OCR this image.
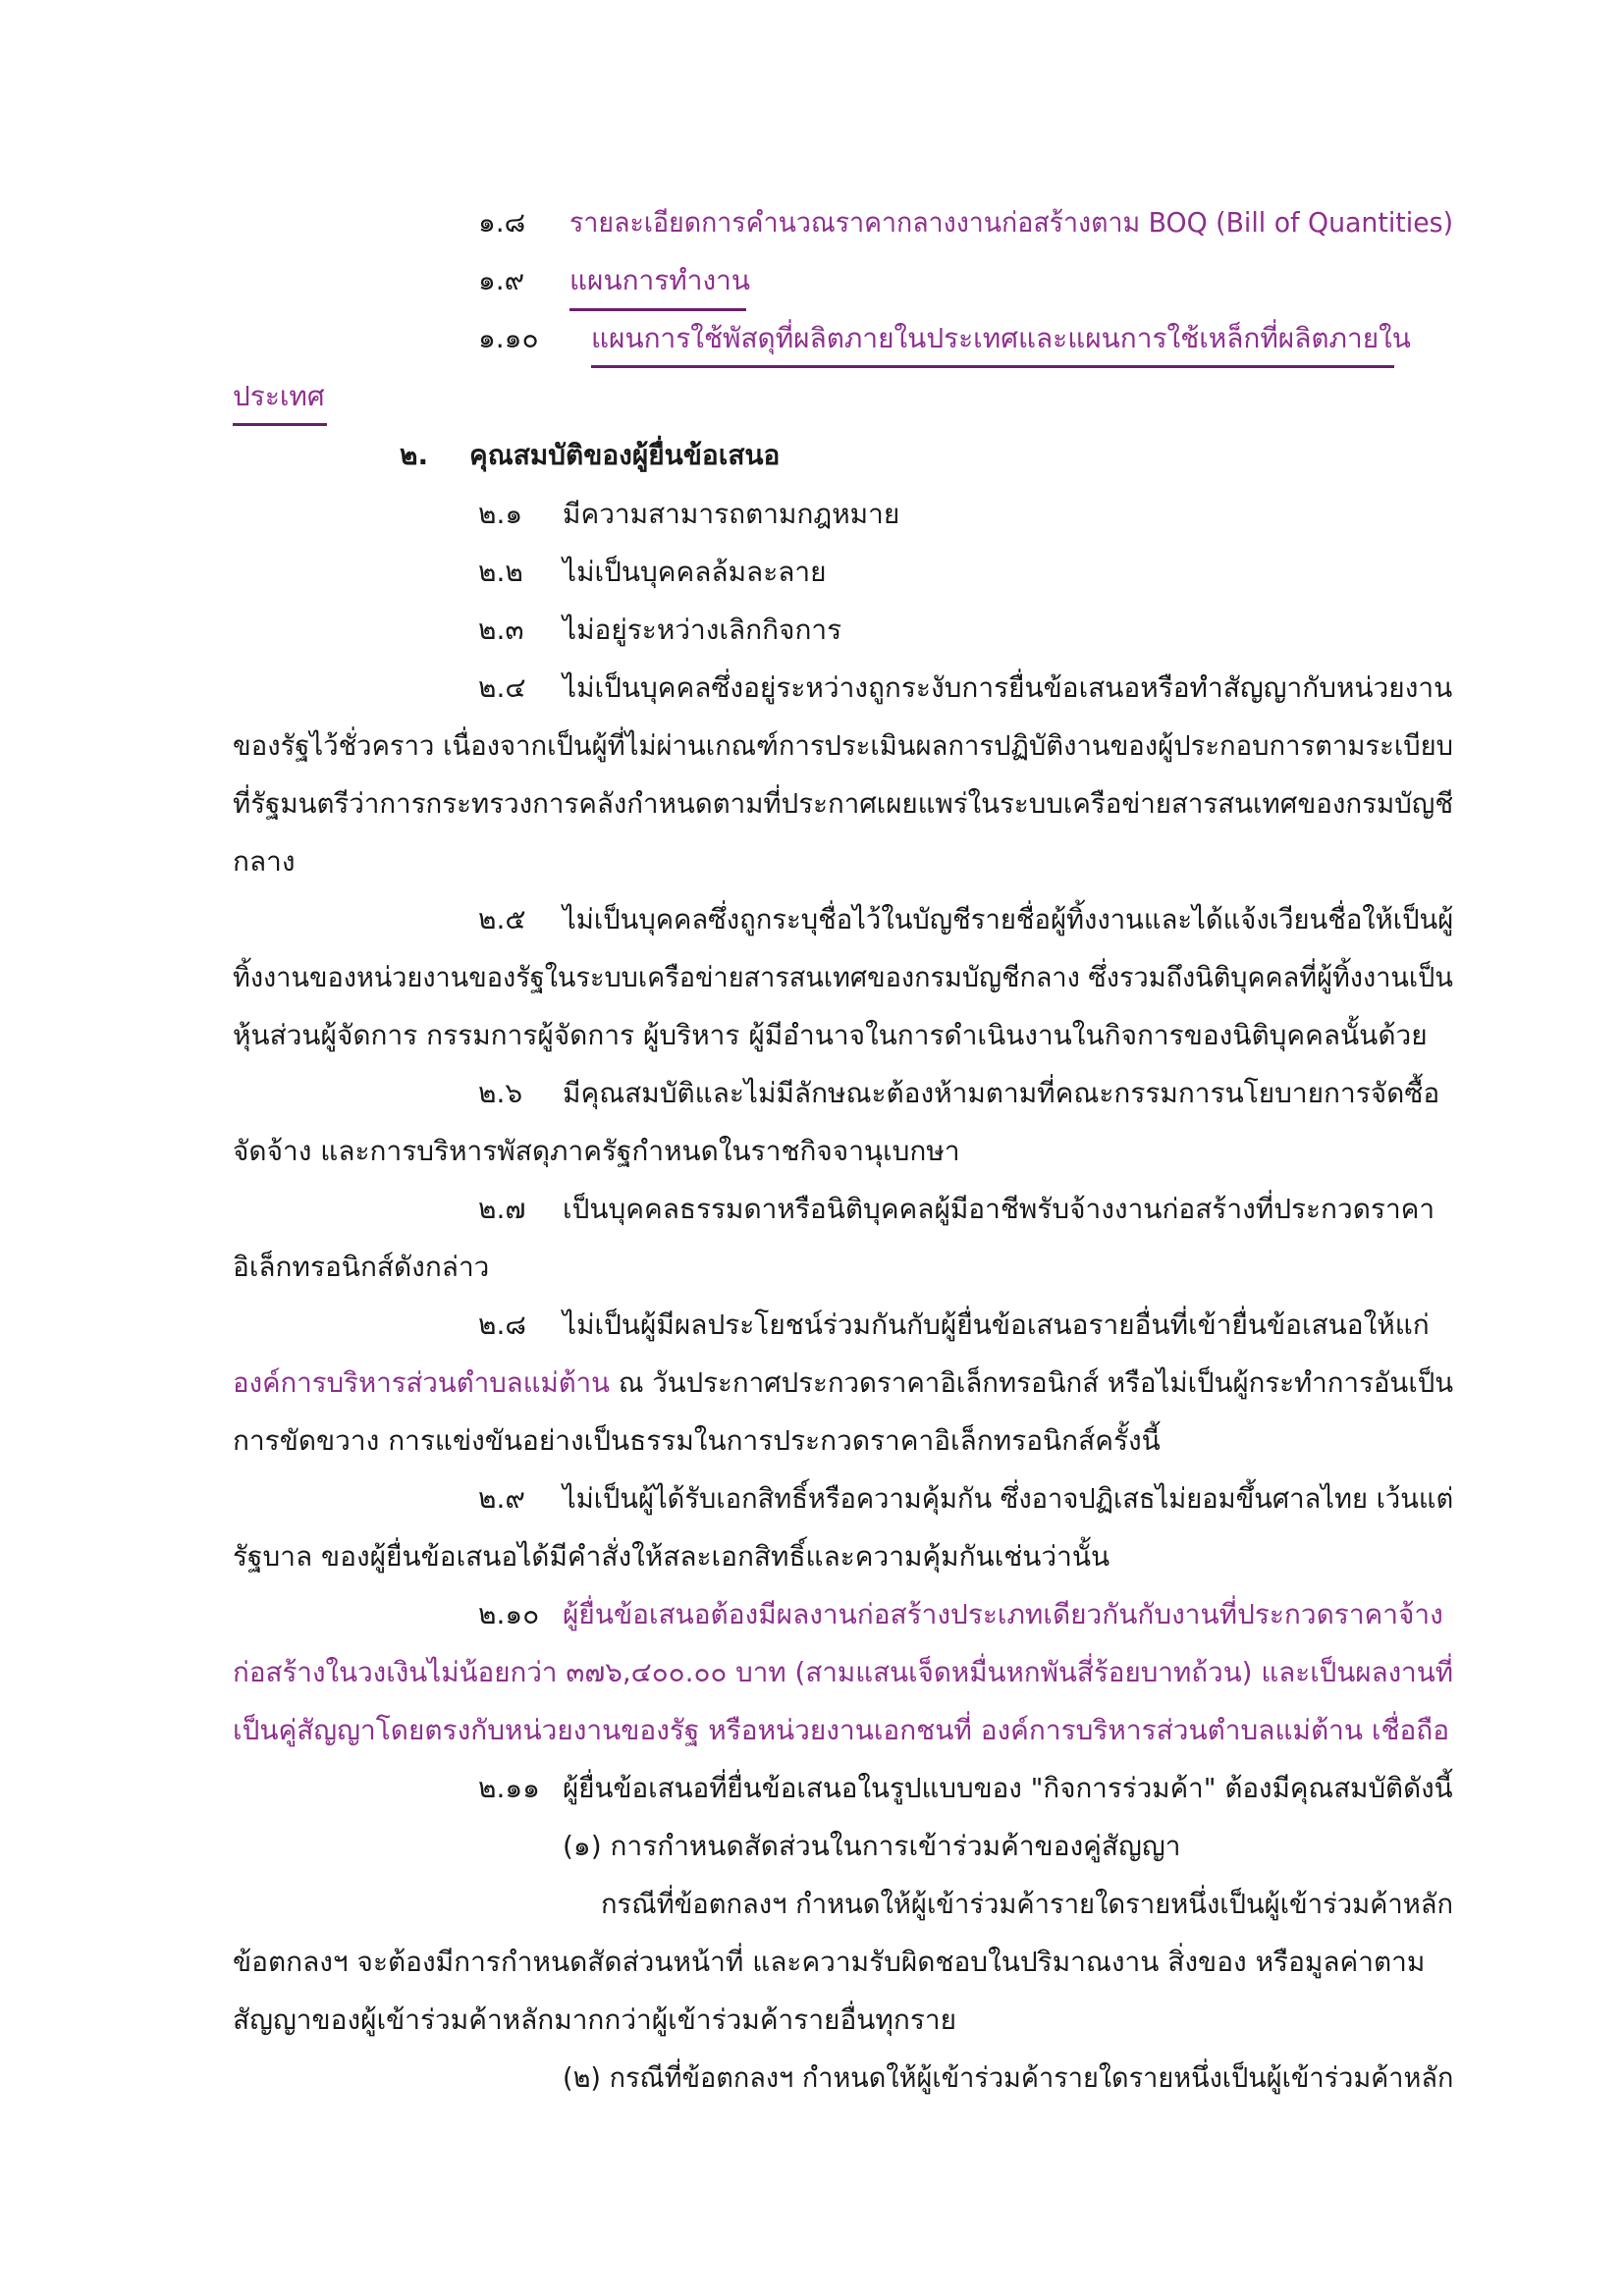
๑.๘ รายละเอียดการคำนวณราคากลางงานก่อสร้างตาม BOQ (Bill of Quantities)
๑.๙ แผนการทำงาน
๑.๑๐ แผนการใช้พัสดุที่ผลิตภายในประเทศและแผนการใช้เหล็กที่ผลิตภายใน
ประเทศ
๒. คุณสมบัติของผู้ยื่นข้อเสนอ
๒.๑ มีความสามารถตามกฎหมาย
๒.๒ ไม่เป็นบุคคลล้มละลาย
๒.๓ ไม่อยู่ระหว่างเลิกกิจการ
๒.๔ ไม่เป็นบุคคลซึ่งอยู่ระหว่างถูกระงับการยื่นข้อเสนอหรือทำสัญญากับหน่วยงาน
ของรัฐไว้ชั่วคราว เนื่องจากเป็นผู้ที่ไม่ผ่านเกณฑ์การประเมินผลการปฏิบัติงานของผู้ประกอบการตามระเบียบ
ที่รัฐมนตรีว่าการกระทรวงการคลังกำหนดตามที่ประกาศเผยแพร่ในระบบเครือข่ายสารสนเทศของกรมบัญชี
กลาง
๒.๕ ไม่เป็นบุคคลซึ่งถูกระบุชื่อไว้ในบัญชีรายชื่อผู้ทิ้งงานและได้แจ้งเวียนชื่อให้เป็นผู้
ทิ้งงานของหน่วยงานของรัฐในระบบเครือข่ายสารสนเทศของกรมบัญชีกลาง ซึ่งรวมถึงนิติบุคคลที่ผู้ทิ้งงานเป็น
หุ้นส่วนผู้จัดการ กรรมการผู้จัดการ ผู้บริหาร ผู้มีอำนาจในการดำเนินงานในกิจการของนิติบุคคลนั้นด้วย
๒.๖ มีคุณสมบัติและไม่มีลักษณะต้องห้ามตามที่คณะกรรมการนโยบายการจัดซื้อ
จัดจ้าง และการบริหารพัสดุภาครัฐกำหนดในราชกิจจานุเบกษา
๒.๗ เป็นบุคคลธรรมดาหรือนิติบุคคลผู้มีอาชีพรับจ้างงานก่อสร้างที่ประกวดราคา
อิเล็กทรอนิกส์ดังกล่าว
๒.๘ ไม่เป็นผู้มีผลประโยชน์ร่วมกันกับผู้ยื่นข้อเสนอรายอื่นที่เข้ายื่นข้อเสนอให้แก่
องค์การบริหารส่วนตำบลแม่ต้าน ณ วันประกาศประกวดราคาอิเล็กทรอนิกส์ หรือไม่เป็นผู้กระทำการอันเป็น
การขัดขวาง การแข่งขันอย่างเป็นธรรมในการประกวดราคาอิเล็กทรอนิกส์ครั้งนี้
๒.๙ ไม่เป็นผู้ได้รับเอกสิทธิ์หรือความคุ้มกัน ซึ่งอาจปฏิเสธไม่ยอมขึ้นศาลไทย เว้นแต่
รัฐบาล ของผู้ยื่นข้อเสนอได้มีคำสั่งให้สละเอกสิทธิ์และความคุ้มกันเช่นว่านั้น
๒.๑๐ ผู้ยื่นข้อเสนอต้องมีผลงานก่อสร้างประเภทเดียวกันกับงานที่ประกวดราคาจ้าง
ก่อสร้างในวงเงินไม่น้อยกว่า ๓๗๖,๔๐๐.๐๐ บาท (สามแสนเจ็ดหมื่นหกพันสี่ร้อยบาทถ้วน) และเป็นผลงานที่
เป็นคู่สัญญาโดยตรงกับหน่วยงานของรัฐ หรือหน่วยงานเอกชนที่ องค์การบริหารส่วนตำบลแม่ต้าน เชื่อถือ
๒.๑๑ ผู้ยื่นข้อเสนอที่ยื่นข้อเสนอในรูปแบบของ "กิจการร่วมค้า" ต้องมีคุณสมบัติดังนี้
(๑) การกำหนดสัดส่วนในการเข้าร่วมค้าของคู่สัญญา
กรณีที่ข้อตกลงฯ กำหนดให้ผู้เข้าร่วมค้ารายใดรายหนึ่งเป็นผู้เข้าร่วมค้าหลัก
ข้อตกลงฯ จะต้องมีการกำหนดสัดส่วนหน้าที่ และความรับผิดชอบในปริมาณงาน สิ่งของ หรือมูลค่าตาม
สัญญาของผู้เข้าร่วมค้าหลักมากกว่าผู้เข้าร่วมค้ารายอื่นทุกราย
(๒) กรณีที่ข้อตกลงฯ กำหนดให้ผู้เข้าร่วมค้ารายใดรายหนึ่งเป็นผู้เข้าร่วมค้าหลัก
